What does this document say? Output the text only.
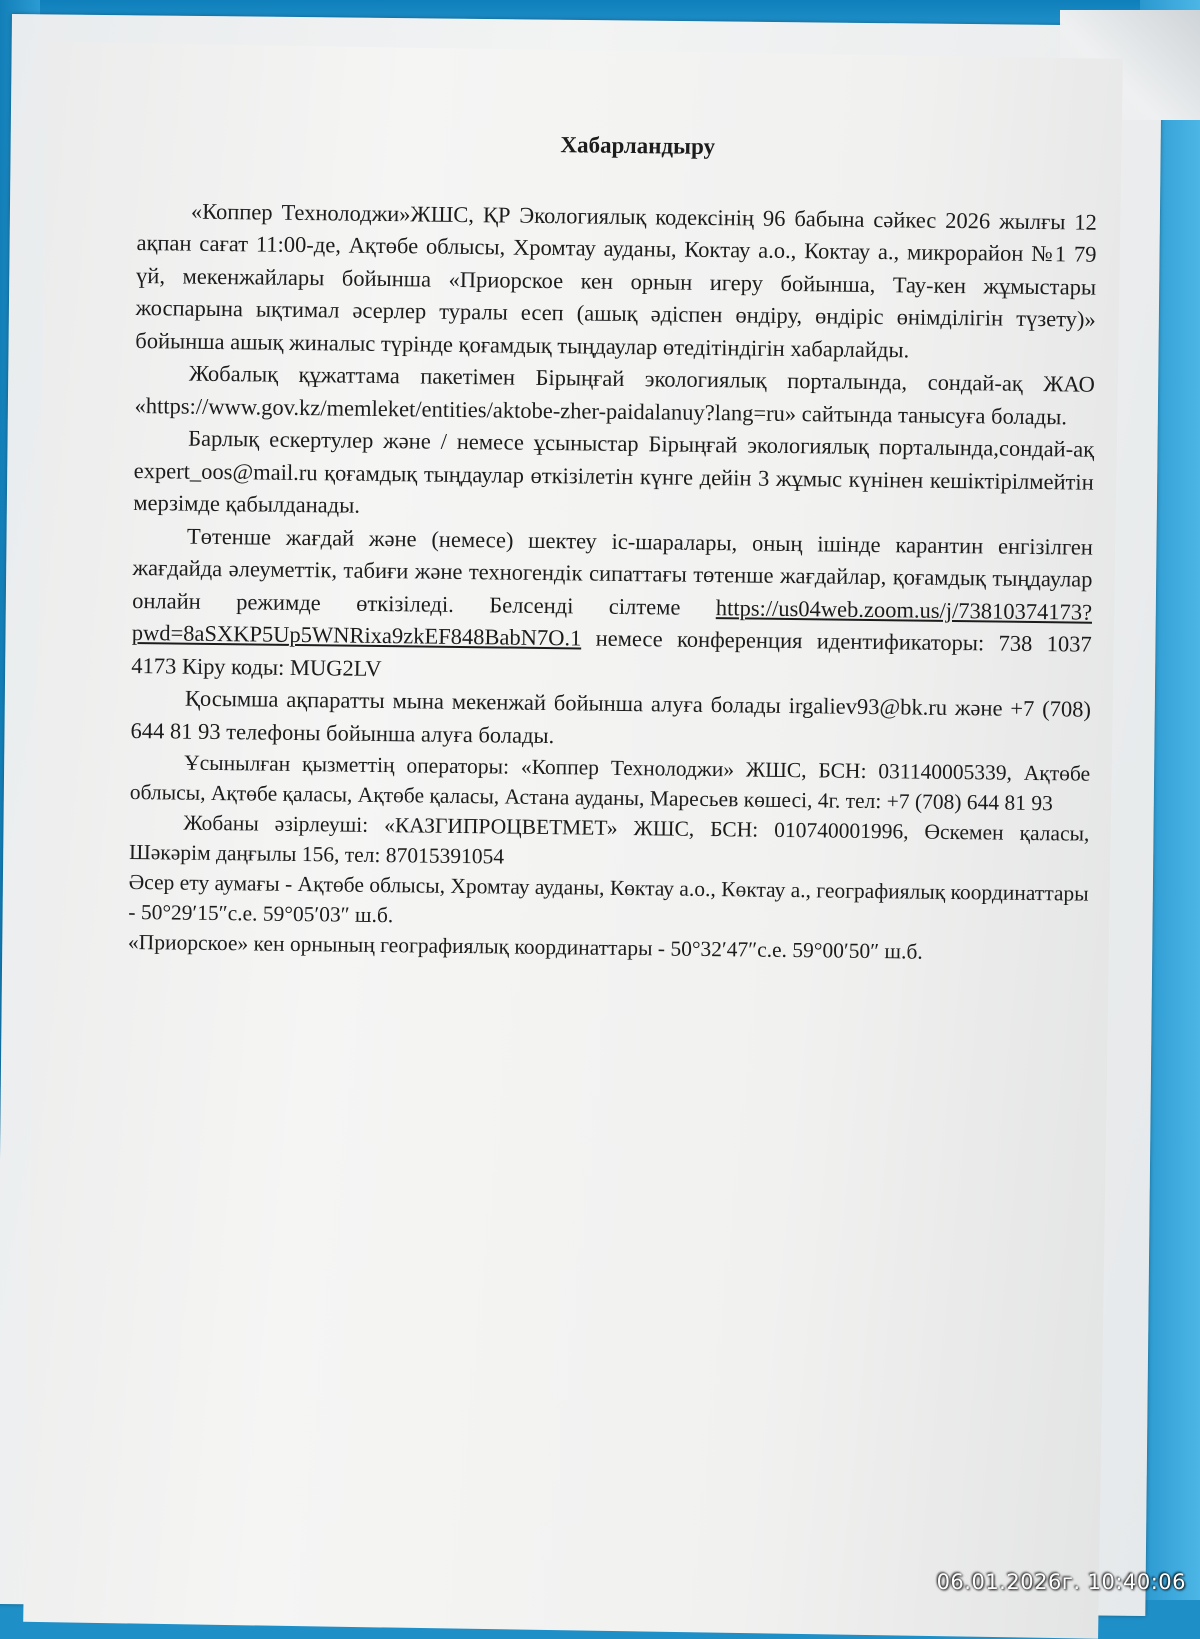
Хабарландыру

«Коппер Технолоджи»ЖШС, ҚР Экологиялық кодексінің 96 бабына сәйкес 2026 жылғы 12 ақпан сағат 11:00-де, Ақтөбе облысы, Хромтау ауданы, Коктау а.о., Коктау а., микрорайон №1 79 үй, мекенжайлары бойынша «Приорское кен орнын игеру бойынша, Тау-кен жұмыстары жоспарына ықтимал әсерлер туралы есеп (ашық әдіспен өндіру, өндіріс өнімділігін түзету)» бойынша ашық жиналыс түрінде қоғамдық тыңдаулар өтедітіндігін хабарлайды.

Жобалық құжаттама пакетімен Бірыңғай экологиялық порталында, сондай-ақ ЖАО «https://www.gov.kz/memleket/entities/aktobe-zher-paidalanuy?lang=ru» сайтында танысуға болады.

Барлық ескертулер және / немесе ұсыныстар Бірыңғай экологиялық порталында,сондай-ақ expert_oos@mail.ru қоғамдық тыңдаулар өткізілетін күнге дейін 3 жұмыс күнінен кешіктірілмейтін мерзімде қабылданады.

Төтенше жағдай және (немесе) шектеу іс-шаралары, оның ішінде карантин енгізілген жағдайда әлеуметтік, табиғи және техногендік сипаттағы төтенше жағдайлар, қоғамдық тыңдаулар онлайн режимде өткізіледі. Белсенді сілтеме https://us04web.zoom.us/j/73810374173?pwd=8aSXKP5Up5WNRixa9zkEF848BabN7O.1 немесе конференция идентификаторы: 738 1037 4173 Кіру коды: MUG2LV

Қосымша ақпаратты мына мекенжай бойынша алуға болады irgaliev93@bk.ru және +7 (708) 644 81 93 телефоны бойынша алуға болады.

Ұсынылған қызметтің операторы: «Коппер Технолоджи» ЖШС, БСН: 031140005339, Ақтөбе облысы, Ақтөбе қаласы, Ақтөбе қаласы, Астана ауданы, Маресьев көшесі, 4г. тел: +7 (708) 644 81 93

Жобаны әзірлеуші: «КАЗГИПРОЦВЕТМЕТ» ЖШС, БСН: 010740001996, Өскемен қаласы, Шәкәрім даңғылы 156, тел: 87015391054

Әсер ету аумағы - Ақтөбе облысы, Хромтау ауданы, Көктау а.о., Көктау а., географиялық координаттары - 50°29′15″с.е. 59°05′03″ ш.б.

«Приорское» кен орнының географиялық координаттары - 50°32′47″с.е. 59°00′50″ ш.б.

06.01.2026г. 10:40:06
